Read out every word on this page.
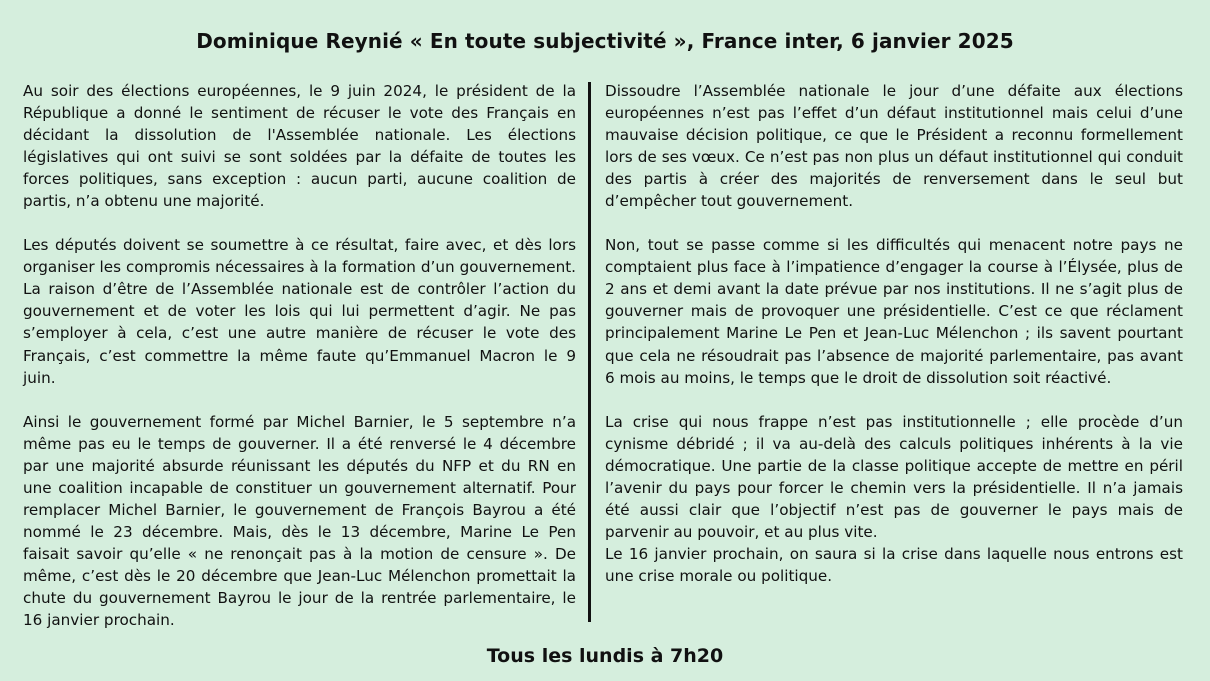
Dominique Reynié « En toute subjectivité », France inter, 6 janvier 2025

Au soir des élections européennes, le 9 juin 2024, le président de la République a donné le sentiment de récuser le vote des Français en décidant la dissolution de l'Assemblée nationale. Les élections législatives qui ont suivi se sont soldées par la défaite de toutes les forces politiques, sans exception : aucun parti, aucune coalition de partis, n’a obtenu une majorité.

Les députés doivent se soumettre à ce résultat, faire avec, et dès lors organiser les compromis nécessaires à la formation d’un gouvernement. La raison d’être de l’Assemblée nationale est de contrôler l’action du gouvernement et de voter les lois qui lui permettent d’agir. Ne pas s’employer à cela, c’est une autre manière de récuser le vote des Français, c’est commettre la même faute qu’Emmanuel Macron le 9 juin.

Ainsi le gouvernement formé par Michel Barnier, le 5 septembre n’a même pas eu le temps de gouverner. Il a été renversé le 4 décembre par une majorité absurde réunissant les députés du NFP et du RN en une coalition incapable de constituer un gouvernement alternatif. Pour remplacer Michel Barnier, le gouvernement de François Bayrou a été nommé le 23 décembre. Mais, dès le 13 décembre, Marine Le Pen faisait savoir qu’elle « ne renonçait pas à la motion de censure ». De même, c’est dès le 20 décembre que Jean-Luc Mélenchon promettait la chute du gouvernement Bayrou le jour de la rentrée parlementaire, le 16 janvier prochain.

Dissoudre l’Assemblée nationale le jour d’une défaite aux élections européennes n’est pas l’effet d’un défaut institutionnel mais celui d’une mauvaise décision politique, ce que le Président a reconnu formellement lors de ses vœux. Ce n’est pas non plus un défaut institutionnel qui conduit des partis à créer des majorités de renversement dans le seul but d’empêcher tout gouvernement.

Non, tout se passe comme si les difficultés qui menacent notre pays ne comptaient plus face à l’impatience d’engager la course à l’Élysée, plus de 2 ans et demi avant la date prévue par nos institutions. Il ne s’agit plus de gouverner mais de provoquer une présidentielle. C’est ce que réclament principalement Marine Le Pen et Jean-Luc Mélenchon ; ils savent pourtant que cela ne résoudrait pas l’absence de majorité parlementaire, pas avant 6 mois au moins, le temps que le droit de dissolution soit réactivé.

La crise qui nous frappe n’est pas institutionnelle ; elle procède d’un cynisme débridé ; il va au-delà des calculs politiques inhérents à la vie démocratique. Une partie de la classe politique accepte de mettre en péril l’avenir du pays pour forcer le chemin vers la présidentielle. Il n’a jamais été aussi clair que l’objectif n’est pas de gouverner le pays mais de parvenir au pouvoir, et au plus vite.

Le 16 janvier prochain, on saura si la crise dans laquelle nous entrons est une crise morale ou politique.

Tous les lundis à 7h20
